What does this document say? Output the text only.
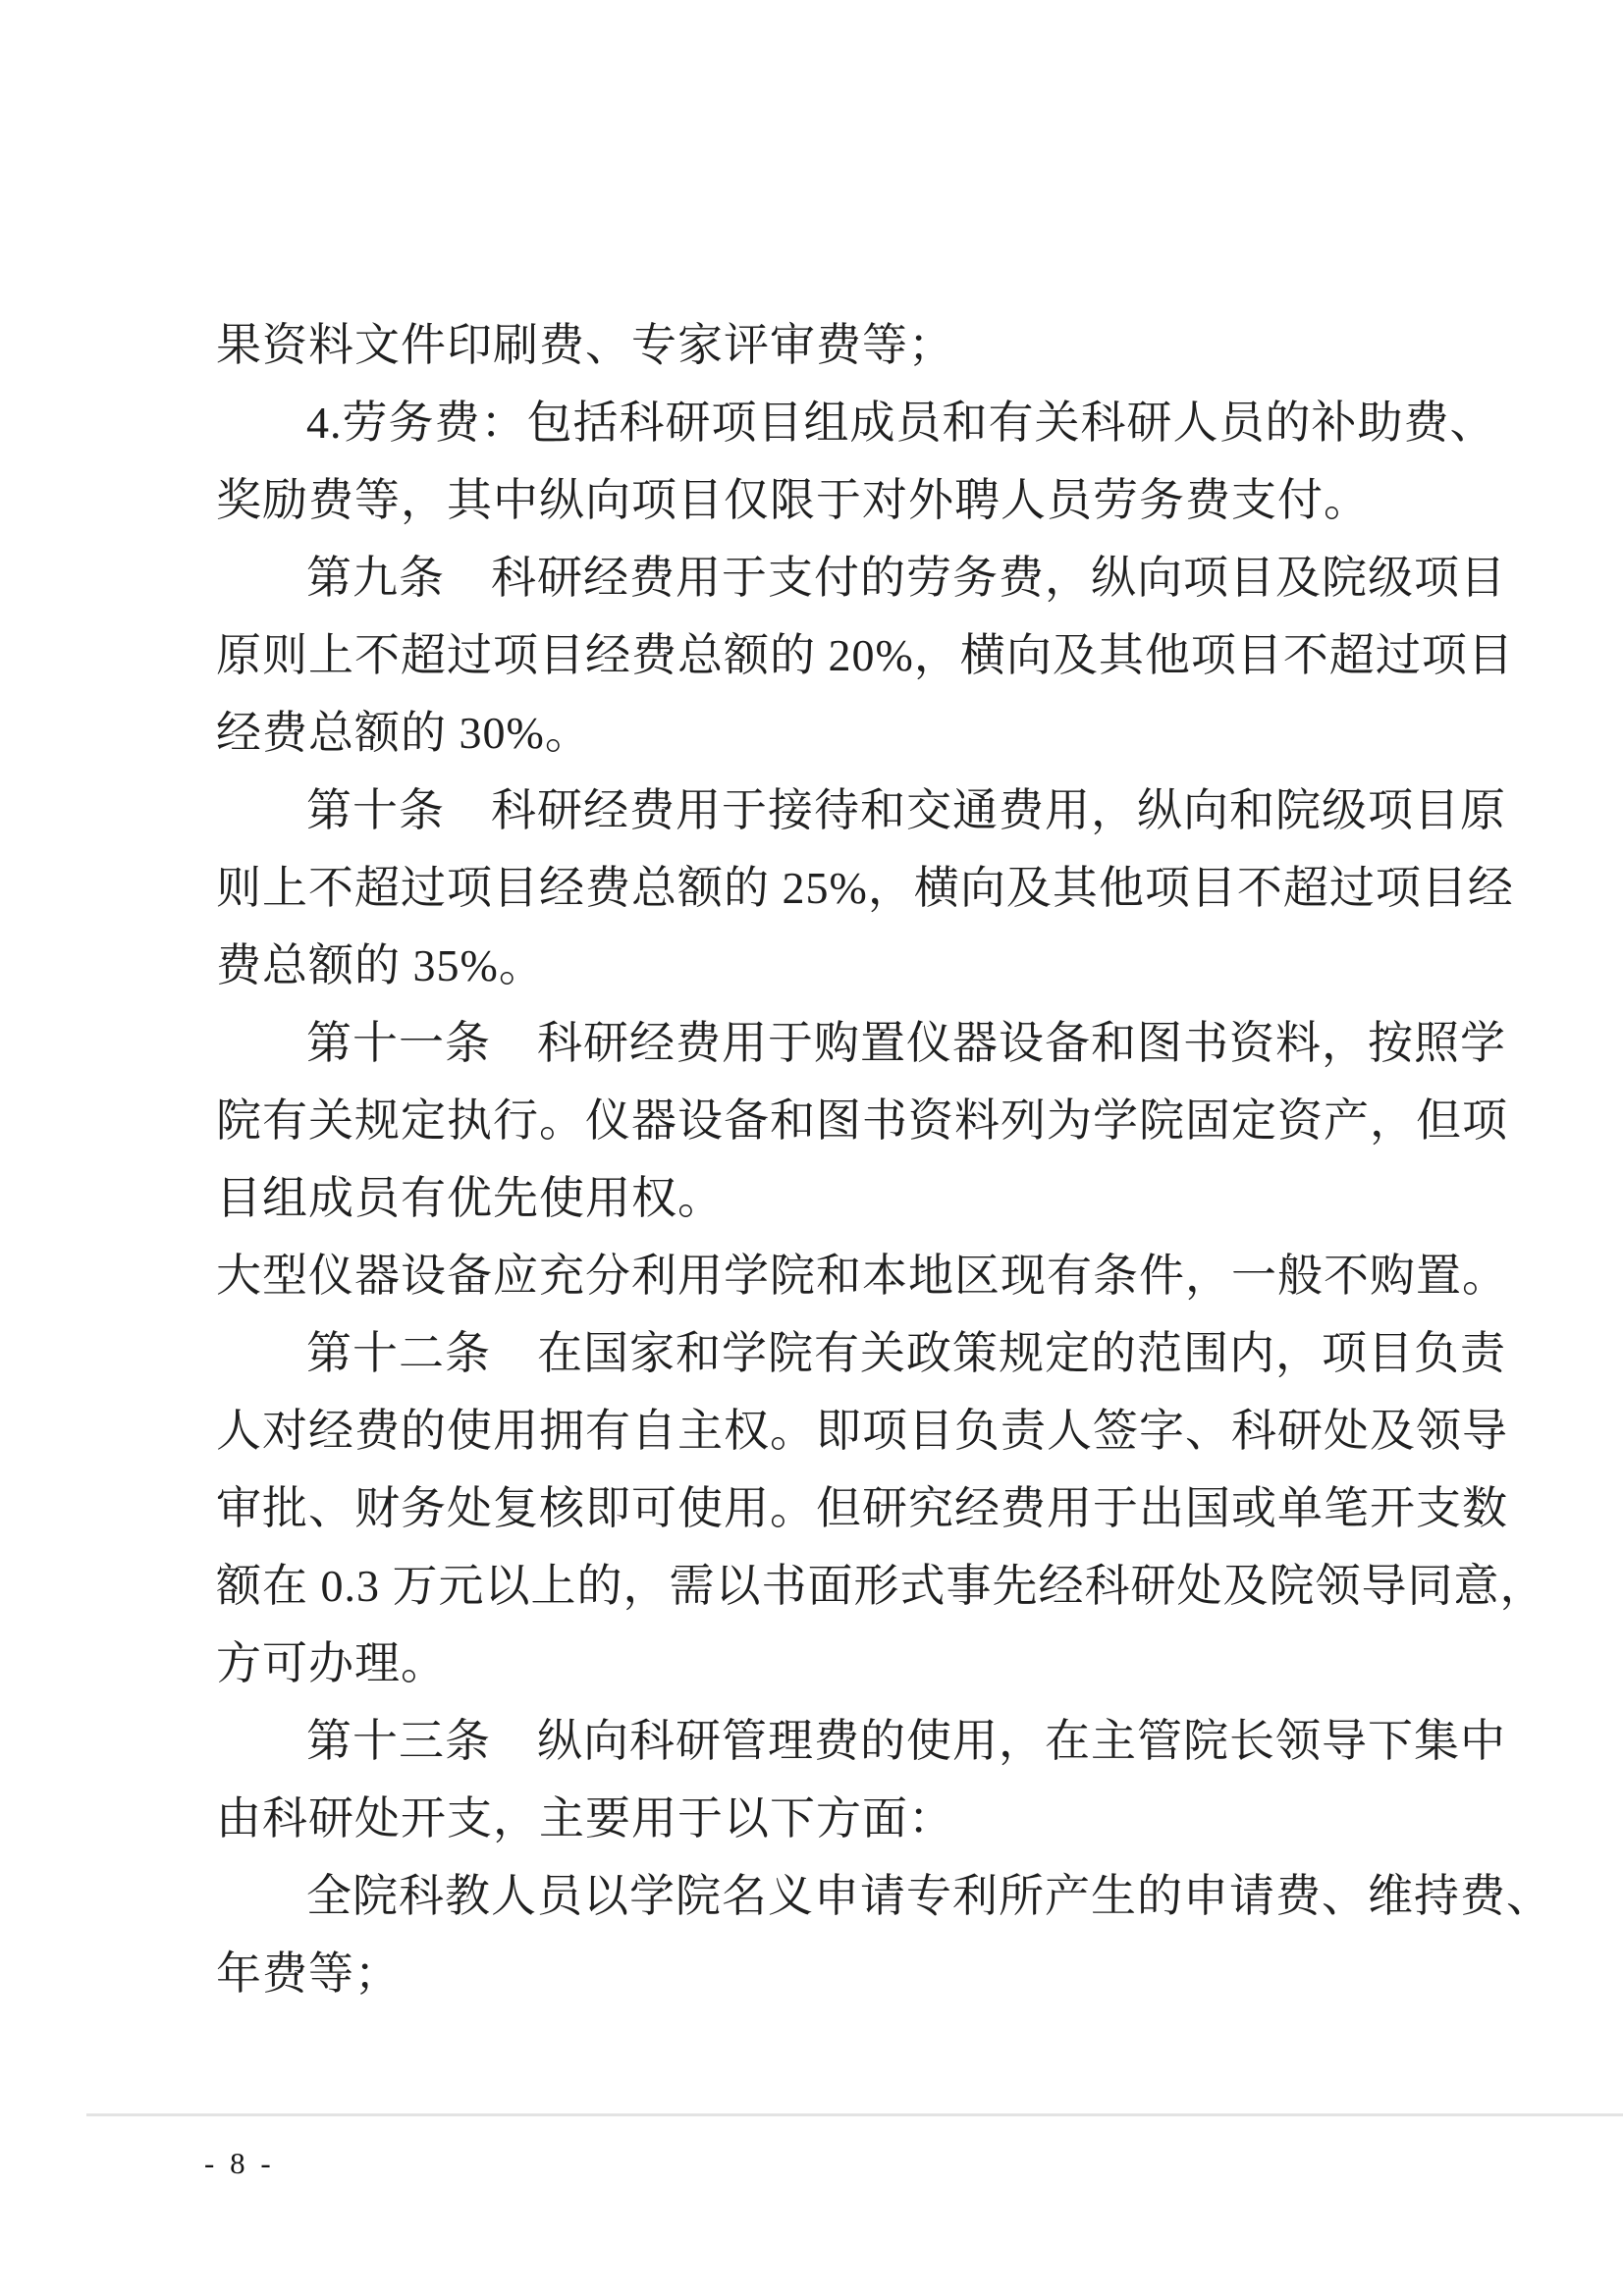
果资料文件印刷费、专家评审费等；
4.劳务费：包括科研项目组成员和有关科研人员的补助费、
奖励费等，其中纵向项目仅限于对外聘人员劳务费支付。
第九条　科研经费用于支付的劳务费，纵向项目及院级项目
原则上不超过项目经费总额的 20%，横向及其他项目不超过项目
经费总额的 30%。
第十条　科研经费用于接待和交通费用，纵向和院级项目原
则上不超过项目经费总额的 25%，横向及其他项目不超过项目经
费总额的 35%。
第十一条　科研经费用于购置仪器设备和图书资料，按照学
院有关规定执行。仪器设备和图书资料列为学院固定资产，但项
目组成员有优先使用权。
大型仪器设备应充分利用学院和本地区现有条件，一般不购置。
第十二条　在国家和学院有关政策规定的范围内，项目负责
人对经费的使用拥有自主权。即项目负责人签字、科研处及领导
审批、财务处复核即可使用。但研究经费用于出国或单笔开支数
额在 0.3 万元以上的，需以书面形式事先经科研处及院领导同意，
方可办理。
第十三条　纵向科研管理费的使用，在主管院长领导下集中
由科研处开支，主要用于以下方面：
全院科教人员以学院名义申请专利所产生的申请费、维持费、
年费等；
- 8 -
